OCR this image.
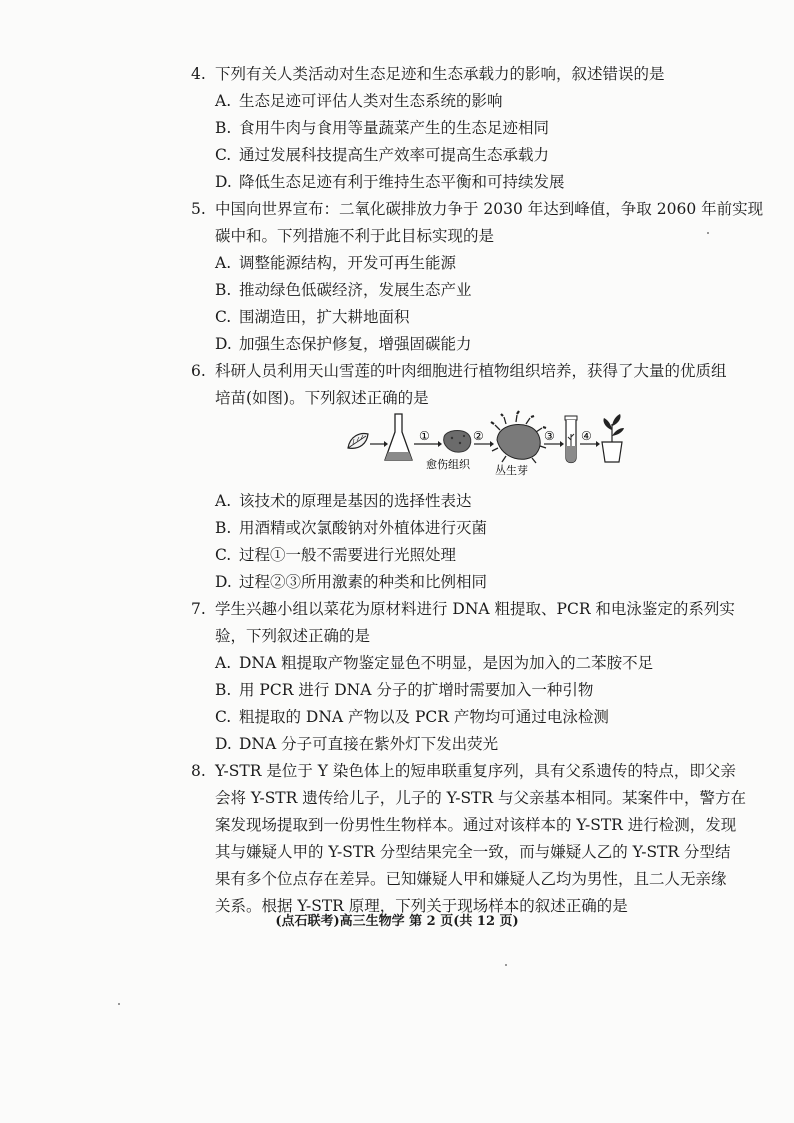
4. 下列有关人类活动对生态足迹和生态承载力的影响，叙述错误的是
A. 生态足迹可评估人类对生态系统的影响
B. 食用牛肉与食用等量蔬菜产生的生态足迹相同
C. 通过发展科技提高生产效率可提高生态承载力
D. 降低生态足迹有利于维持生态平衡和可持续发展
5. 中国向世界宣布：二氧化碳排放力争于 2030 年达到峰值，争取 2060 年前实现
碳中和。下列措施不利于此目标实现的是
A. 调整能源结构，开发可再生能源
B. 推动绿色低碳经济，发展生态产业
C. 围湖造田，扩大耕地面积
D. 加强生态保护修复，增强固碳能力
6. 科研人员利用天山雪莲的叶肉细胞进行植物组织培养，获得了大量的优质组
培苗(如图)。下列叙述正确的是
①
愈伤组织
②
丛生芽
③ ④
A. 该技术的原理是基因的选择性表达
B. 用酒精或次氯酸钠对外植体进行灭菌
C. 过程①一般不需要进行光照处理
D. 过程②③所用激素的种类和比例相同
7. 学生兴趣小组以菜花为原材料进行 DNA 粗提取、PCR 和电泳鉴定的系列实
验，下列叙述正确的是
A. DNA 粗提取产物鉴定显色不明显，是因为加入的二苯胺不足
B. 用 PCR 进行 DNA 分子的扩增时需要加入一种引物
C. 粗提取的 DNA 产物以及 PCR 产物均可通过电泳检测
D. DNA 分子可直接在紫外灯下发出荧光
8. Y-STR 是位于 Y 染色体上的短串联重复序列，具有父系遗传的特点，即父亲
会将 Y-STR 遗传给儿子，儿子的 Y-STR 与父亲基本相同。某案件中，警方在
案发现场提取到一份男性生物样本。通过对该样本的 Y-STR 进行检测，发现
其与嫌疑人甲的 Y-STR 分型结果完全一致，而与嫌疑人乙的 Y-STR 分型结
果有多个位点存在差异。已知嫌疑人甲和嫌疑人乙均为男性，且二人无亲缘
关系。根据 Y-STR 原理，下列关于现场样本的叙述正确的是
(点石联考)高三生物学 第 2 页(共 12 页)
